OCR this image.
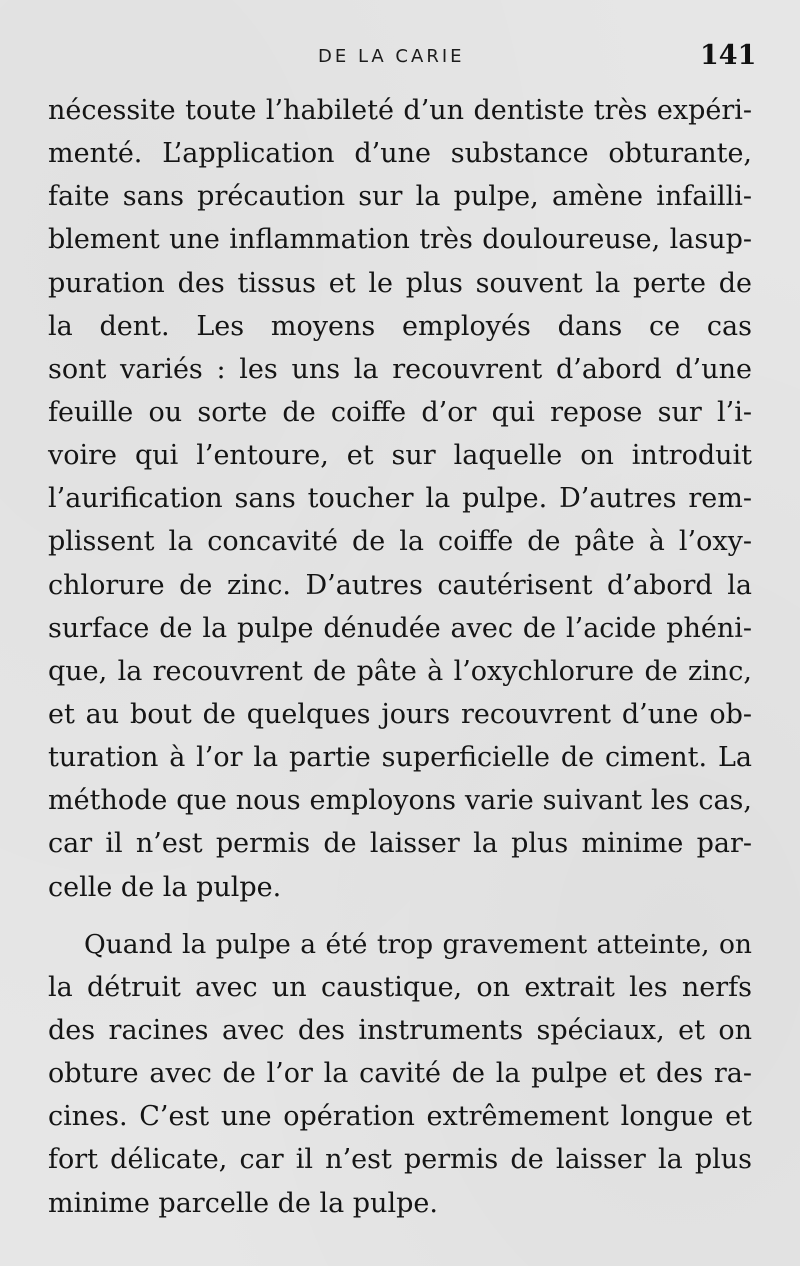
DE LA CARIE	141
nécessite toute l’habileté d’un dentiste très expéri-
menté. L’application d’une substance obturante,
faite sans précaution sur la pulpe, amène infailli-
blement une inflammation très douloureuse, lasup-
puration des tissus et le plus souvent la perte de
la dent. Les moyens employés dans ce cas
sont variés : les uns la recouvrent d’abord d’une
feuille ou sorte de coiffe d’or qui repose sur l’i-
voire qui l’entoure, et sur laquelle on introduit
l’aurification sans toucher la pulpe. D’autres rem-
plissent la concavité de la coiffe de pâte à l’oxy-
chlorure de zinc. D’autres cautérisent d’abord la
surface de la pulpe dénudée avec de l’acide phéni-
que, la recouvrent de pâte à l’oxychlorure de zinc,
et au bout de quelques jours recouvrent d’une ob-
turation à l’or la partie superficielle de ciment. La
méthode que nous employons varie suivant les cas,
car il n’est permis de laisser la plus minime par-
celle de la pulpe.
Quand la pulpe a été trop gravement atteinte, on
la détruit avec un caustique, on extrait les nerfs
des racines avec des instruments spéciaux, et on
obture avec de l’or la cavité de la pulpe et des ra-
cines. C’est une opération extrêmement longue et
fort délicate, car il n’est permis de laisser la plus
minime parcelle de la pulpe.
